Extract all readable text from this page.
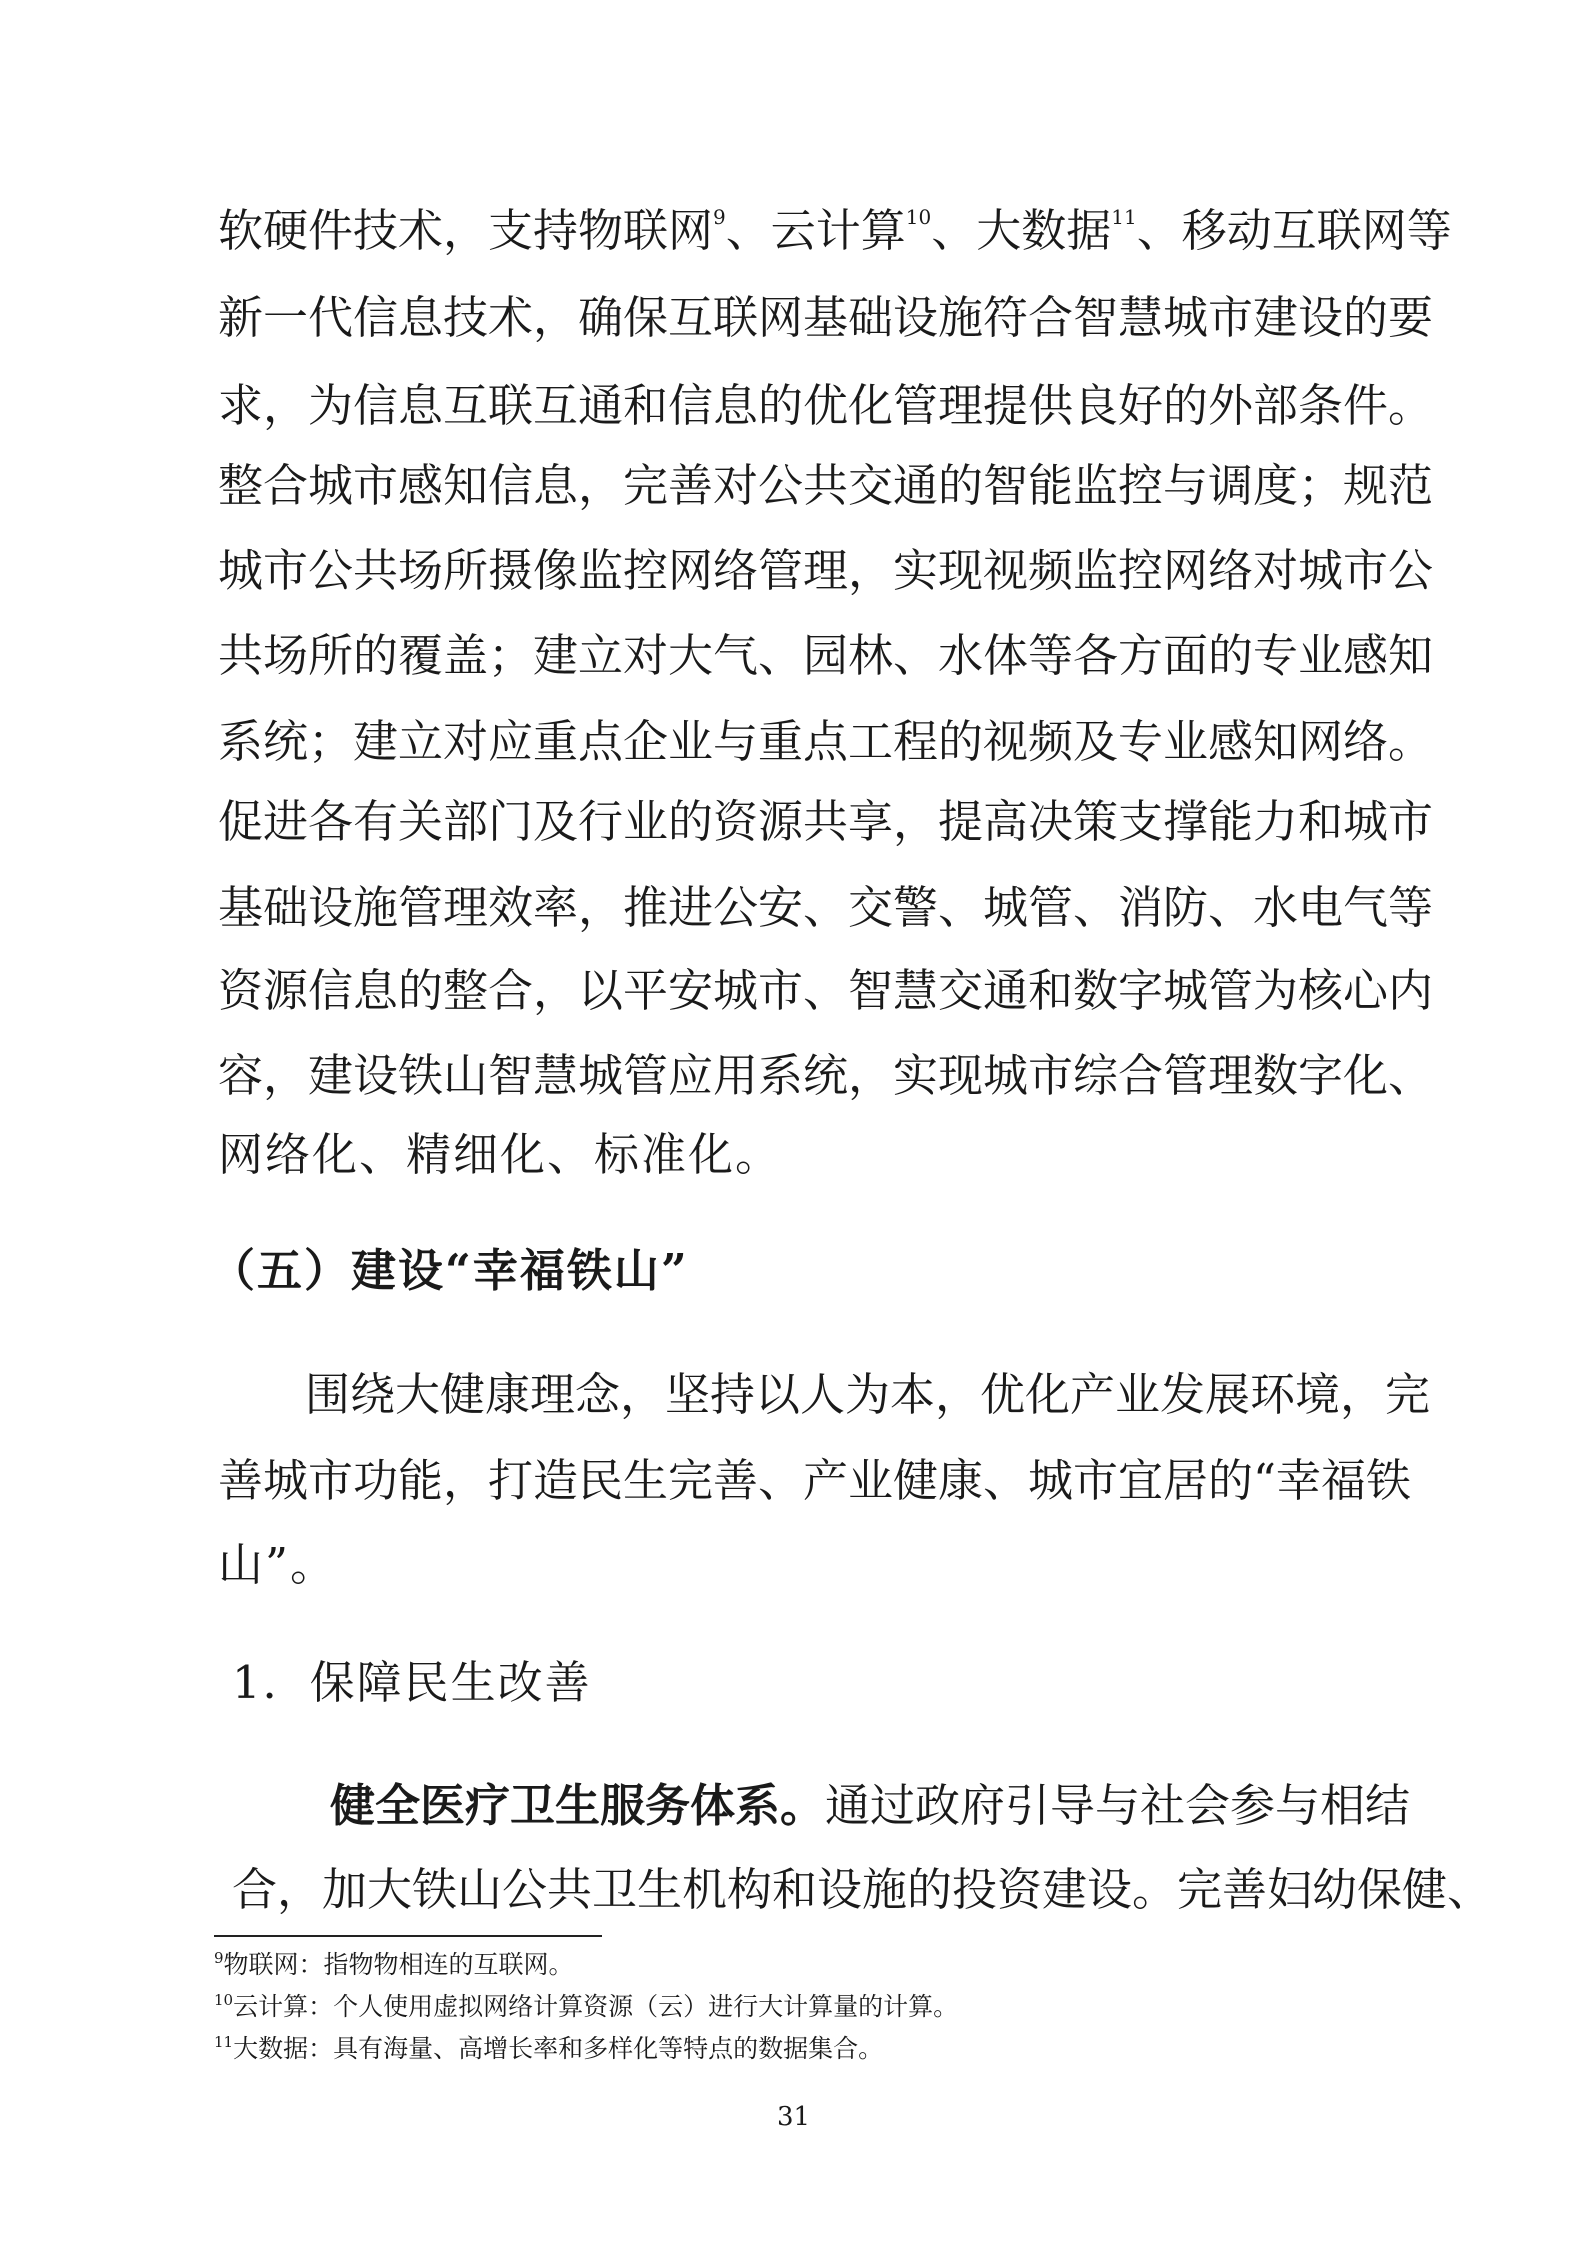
软硬件技术，支持物联网$^9$、云计算$^{10}$、大数据$^{11}$、移动互联网等
新一代信息技术，确保互联网基础设施符合智慧城市建设的要
求，为信息互联互通和信息的优化管理提供良好的外部条件。
整合城市感知信息，完善对公共交通的智能监控与调度；规范
城市公共场所摄像监控网络管理，实现视频监控网络对城市公
共场所的覆盖；建立对大气、园林、水体等各方面的专业感知
系统；建立对应重点企业与重点工程的视频及专业感知网络。
促进各有关部门及行业的资源共享，提高决策支撑能力和城市
基础设施管理效率，推进公安、交警、城管、消防、水电气等
资源信息的整合，以平安城市、智慧交通和数字城管为核心内
容，建设铁山智慧城管应用系统，实现城市综合管理数字化、
网络化、精细化、标准化。
（五）建设“幸福铁山”
围绕大健康理念，坚持以人为本，优化产业发展环境，完
善城市功能，打造民生完善、产业健康、城市宜居的“幸福铁
山”。
1．保障民生改善
健全医疗卫生服务体系。通过政府引导与社会参与相结
合，加大铁山公共卫生机构和设施的投资建设。完善妇幼保健、
$^9$物联网：指物物相连的互联网。
$^{10}$云计算：个人使用虚拟网络计算资源（云）进行大计算量的计算。
$^{11}$大数据：具有海量、高增长率和多样化等特点的数据集合。
31
